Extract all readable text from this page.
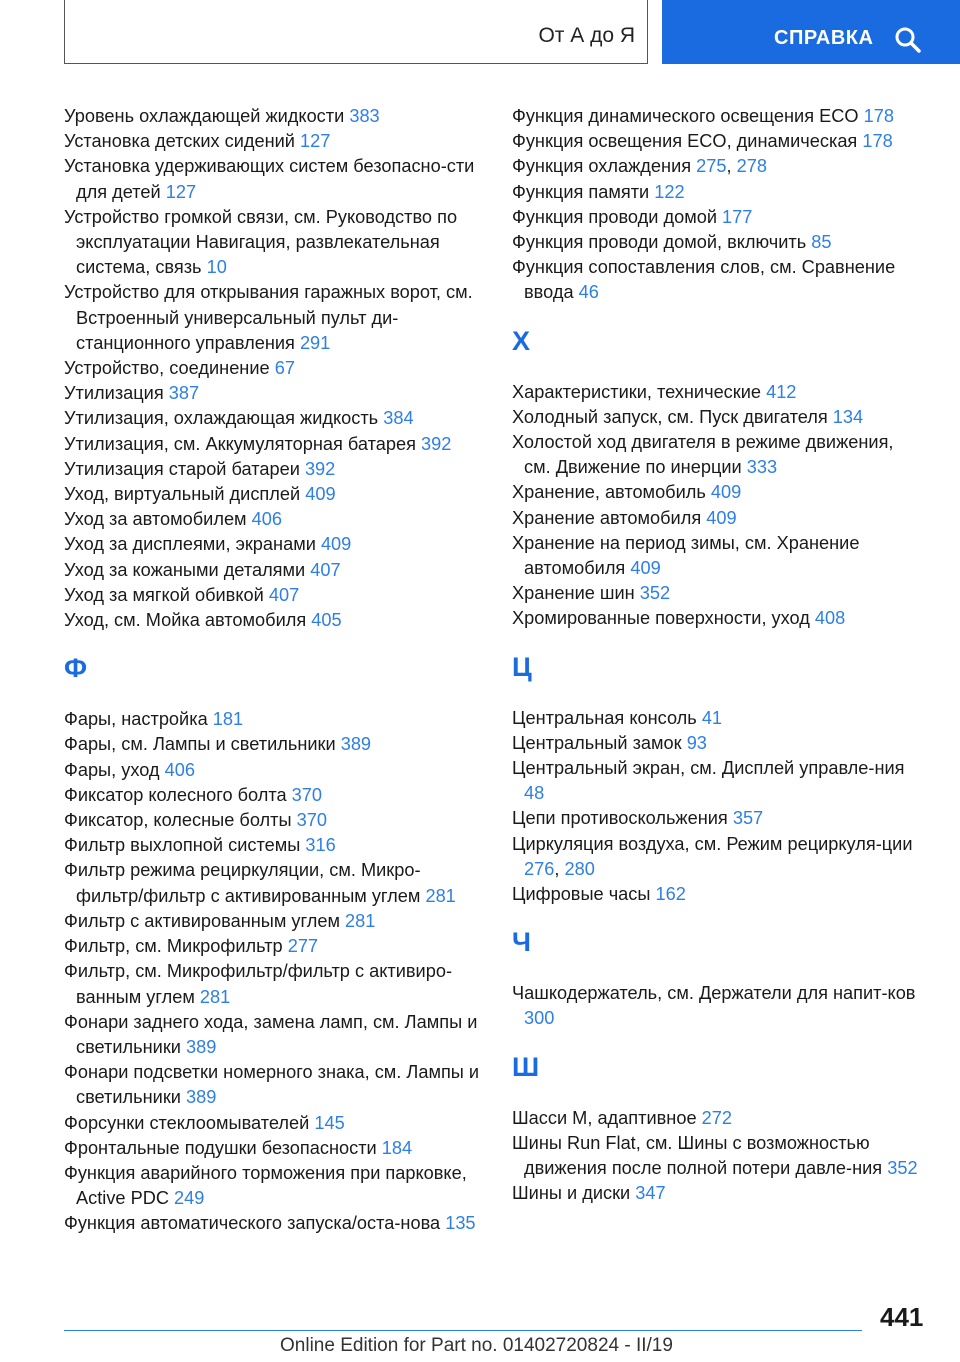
От А до Я	СПРАВКА

Уровень охлаждающей жидкости 383

Установка детских сидений 127

Установка удерживающих систем безопасно-сти для детей 127

Устройство громкой связи, см. Руководство по эксплуатации Навигация, развлекательная система, связь 10

Устройство для открывания гаражных ворот, см. Встроенный универсальный пульт ди-станционного управления 291

Устройство, соединение 67

Утилизация 387

Утилизация, охлаждающая жидкость 384

Утилизация, см. Аккумуляторная батарея 392

Утилизация старой батареи 392

Уход, виртуальный дисплей 409

Уход за автомобилем 406

Уход за дисплеями, экранами 409

Уход за кожаными деталями 407

Уход за мягкой обивкой 407

Уход, см. Мойка автомобиля 405

Ф

Фары, настройка 181

Фары, см. Лампы и светильники 389

Фары, уход 406

Фиксатор колесного болта 370

Фиксатор, колесные болты 370

Фильтр выхлопной системы 316

Фильтр режима рециркуляции, см. Микро-фильтр/фильтр с активированным углем 281

Фильтр с активированным углем 281

Фильтр, см. Микрофильтр 277

Фильтр, см. Микрофильтр/фильтр с активиро-ванным углем 281

Фонари заднего хода, замена ламп, см. Лампы и светильники 389

Фонари подсветки номерного знака, см. Лампы и светильники 389

Форсунки стеклоомывателей 145

Фронтальные подушки безопасности 184

Функция аварийного торможения при парковке, Active PDC 249

Функция автоматического запуска/оста-нова 135

Функция динамического освещения ECO 178

Функция освещения ECO, динамическая 178

Функция охлаждения 275, 278

Функция памяти 122

Функция проводи домой 177

Функция проводи домой, включить 85

Функция сопоставления слов, см. Сравнение ввода 46

Х

Характеристики, технические 412

Холодный запуск, см. Пуск двигателя 134

Холостой ход двигателя в режиме движения, см. Движение по инерции 333

Хранение, автомобиль 409

Хранение автомобиля 409

Хранение на период зимы, см. Хранение автомобиля 409

Хранение шин 352

Хромированные поверхности, уход 408

Ц

Центральная консоль 41

Центральный замок 93

Центральный экран, см. Дисплей управле-ния 48

Цепи противоскольжения 357

Циркуляция воздуха, см. Режим рециркуля-ции 276, 280

Цифровые часы 162

Ч

Чашкодержатель, см. Держатели для напит-ков 300

Ш

Шасси M, адаптивное 272

Шины Run Flat, см. Шины с возможностью движения после полной потери давле-ния 352

Шины и диски 347

441
Online Edition for Part no. 01402720824 - II/19
